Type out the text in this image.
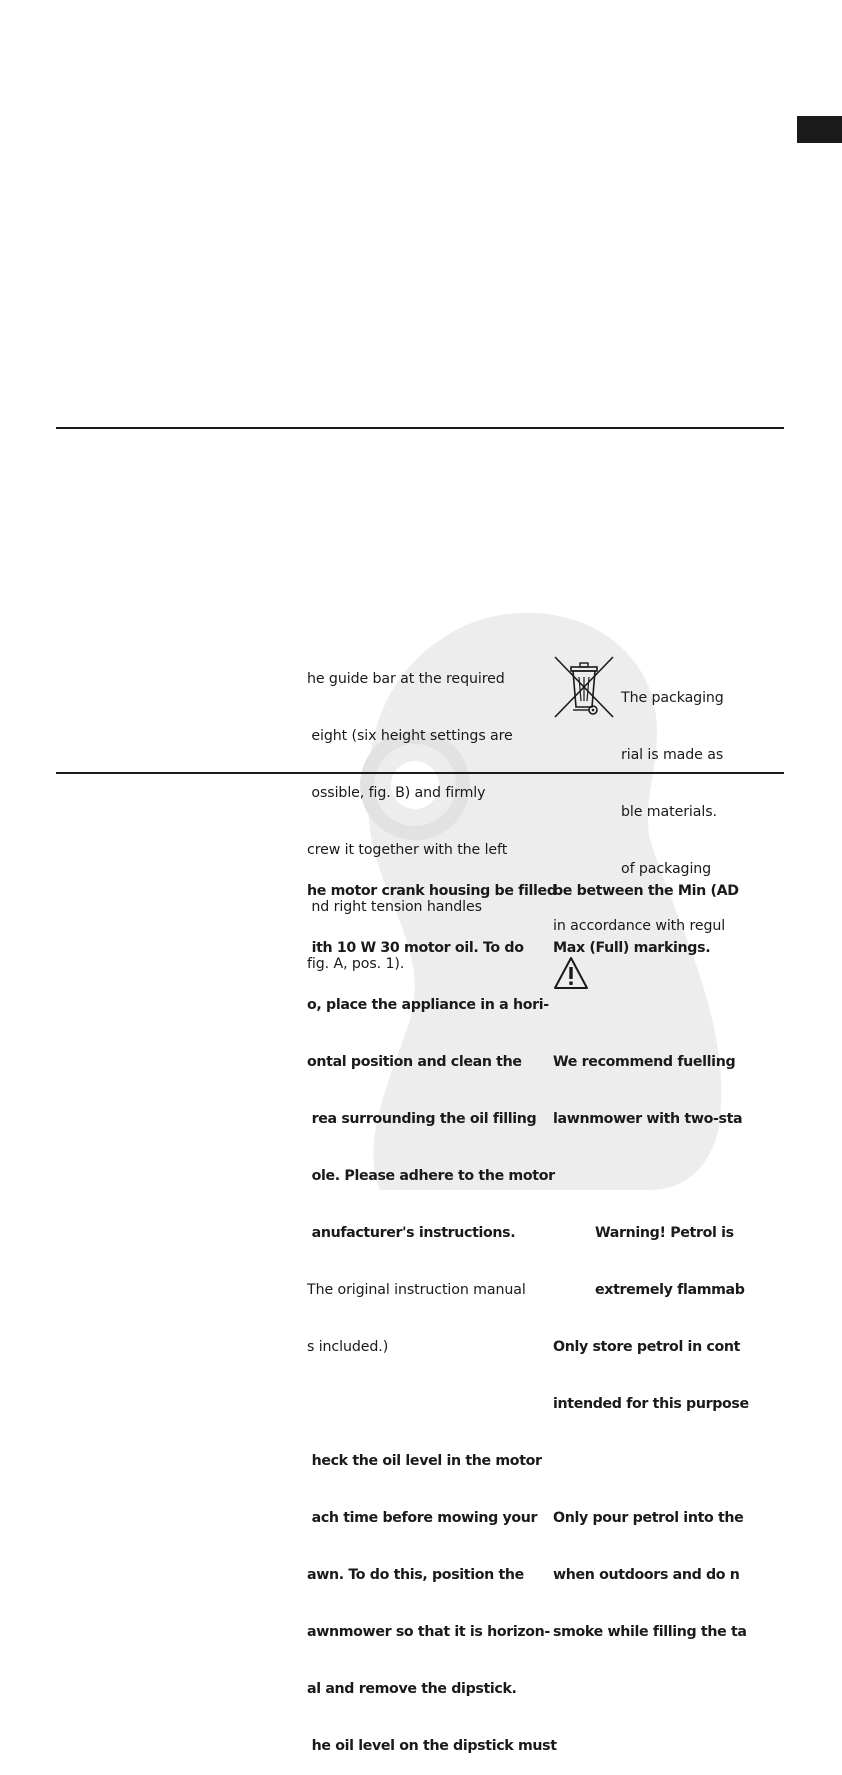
he guide bar at the required

eight (six height settings are

ossible, fig. B) and firmly

crew it together with the left

nd right tension handles

fig. A, pos. 1).

The packaging

rial is made as

ble materials.

of packaging

in accordance with regul

he motor crank housing be filled

ith 10 W 30 motor oil. To do

o, place the appliance in a hori-

ontal position and clean the

rea surrounding the oil filling

ole. Please adhere to the motor

anufacturer's instructions.

The original instruction manual

s included.)

heck the oil level in the motor

ach time before mowing your

awn. To do this, position the

awnmower so that it is horizon-

al and remove the dipstick.

he oil level on the dipstick must

be between the Min (AD

Max (Full) markings.

We recommend fuelling

lawnmower with two-sta

Warning! Petrol is

extremely flammab

Only store petrol in cont

intended for this purpose

Only pour petrol into the

when outdoors and do n

smoke while filling the ta
